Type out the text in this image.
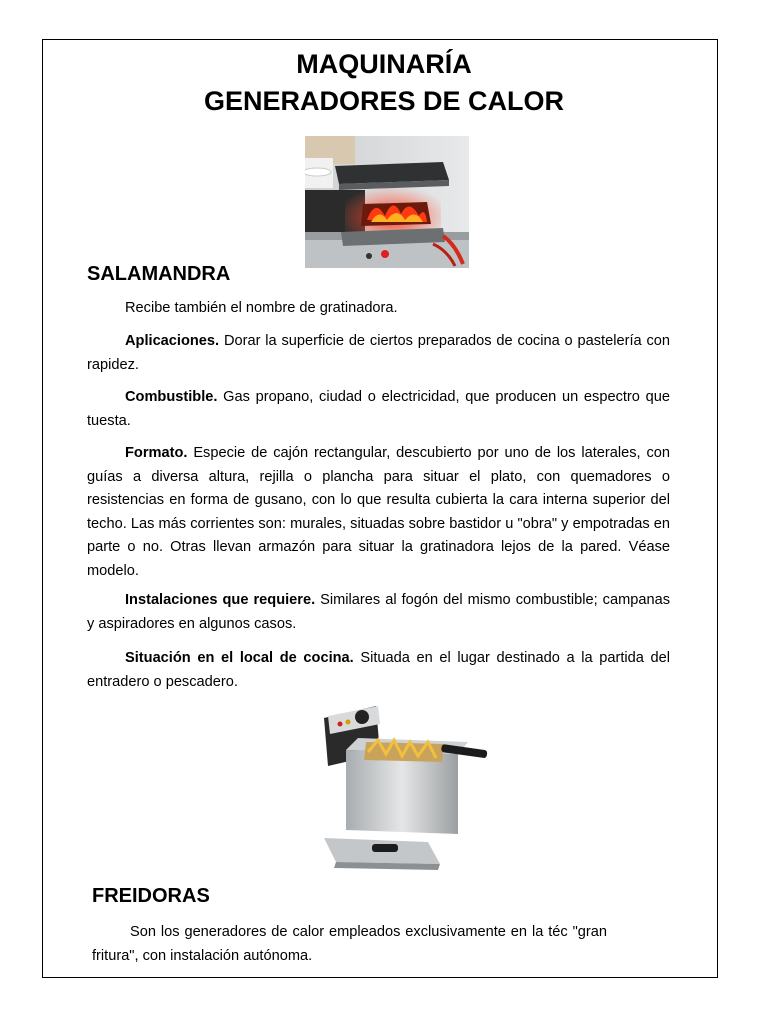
MAQUINARÍA
GENERADORES DE CALOR
SALAMANDRA
Recibe también el nombre de gratinadora.
Aplicaciones. Dorar la superficie de ciertos preparados de cocina o pastelería con rapidez.
Combustible. Gas propano, ciudad o electricidad, que producen un espectro que tuesta.
Formato. Especie de cajón rectangular, descubierto por uno de los laterales, con guías a diversa altura, rejilla o plancha para situar el plato, con quemadores o resistencias en forma de gusano, con lo que resulta cubierta la cara interna superior del techo. Las más corrientes son: murales, situadas sobre bastidor u "obra" y empotradas en parte o no. Otras llevan armazón para situar la gratinadora lejos de la pared. Véase modelo.
Instalaciones que requiere. Similares al fogón del mismo combustible; campanas y aspiradores en algunos casos.
Situación en el local de cocina. Situada en el lugar destinado a la partida del entradero o pescadero.
FREIDORAS
Son los generadores de calor empleados exclusivamente en la téc "gran fritura", con instalación autónoma.
